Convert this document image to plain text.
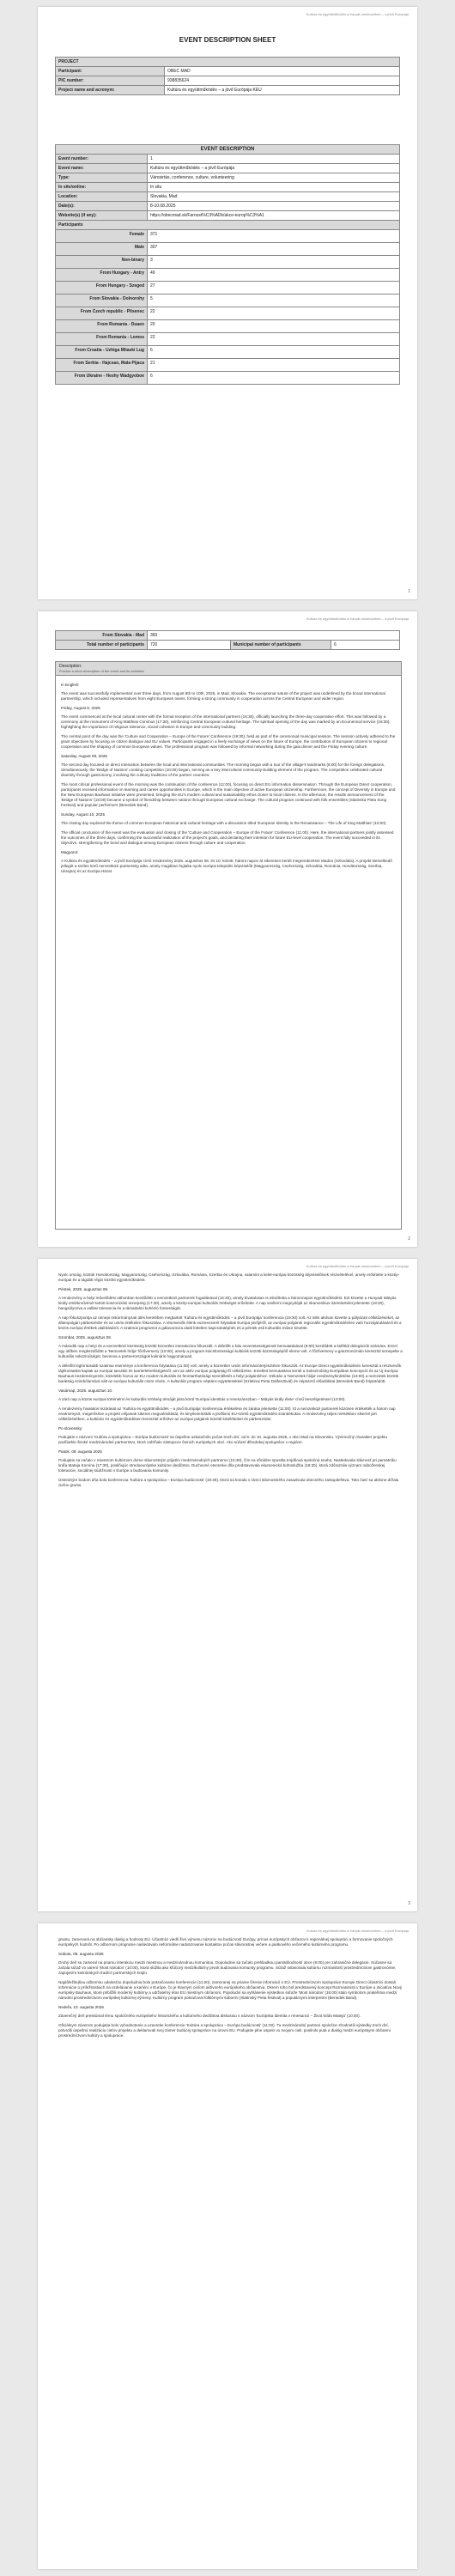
Kultúra és együttműködés a Kárpát-medencében – a jövő Európája
EVENT DESCRIPTION SHEET
PROJECT	
Participant:	OBEC MAD
PIC number:	938835624
Project name and acronym:	Kultúra és együttműködés – a jövő Európája KEU
EVENT DESCRIPTION	
Event number:	1
Event name:	Kultúra és együttműködés – a jövő Európája
Type:	Városirtás, conference, culture, volunteering
In site/online:	In situ
Location:	Slovakia, Mad
Date(s):	8-10.08.2025
Website(s) (if any):	https://obecmad.sk/Farnost%C3%ADk/akce-europ%C3%A1
Participants	
Female	371
Male	307
Non-binary	3
From Hungary - Antry	49
From Hungary - Szeged	27
From Slovakia - Dolnorohy	5
From Czech republic - Pilsenec	22
From Romania - Duaen	20
From Romania - Lomos	22
From Croatia - Uzhiga Mliaski Lug	6
From Serbia - Hajcsan, Mala Pijaca	21
From Ukraine - Heshy Wadgyoboe	6
1
Kultúra és együttműködés a Kárpát-medencében – a jövő Európája
From Slovakia - Mad	360		
Total number of participants	720	Municipal number of participants	6
Description:
Provide a short description of the event and its activities

In English:

The event was successfully implemented over three days, from August 8th to 10th, 2025, in Mad, Slovakia. The exceptional nature of the project was underlined by the broad international partnership, which included representatives from eight European towns, forming a strong community in cooperation across the Central European and wider region.

Friday, August 8, 2025

The event commenced at the local cultural center with the formal reception of the international partners (16:30), officially launching the three-day cooperative effort. This was followed by a ceremony at the monument of King Matthias Corvinus (17:30), reinforcing Central European cultural heritage. The spiritual opening of the day was marked by an Ecumenical service (18:30), highlighting the importance of religious tolerance, social cohesion in Europe and community building.

The central point of the day was the 'Culture and Cooperation – Europe of the Future' Conference (19:30), held as part of the ceremonial municipal session. The session actively adhered to the grant objectives by focusing on citizen dialogue and EU values. Participants engaged in a lively exchange of views on the future of Europe, the contribution of European citizens to regional cooperation and the shaping of common European values. The professional program was followed by informal networking during the gala dinner and the Friday evening culture.

Saturday, August 09, 2025

The second day focused on direct interaction between the local and international communities. The morning began with a tour of the village's landmarks (8:00) for the foreign delegations. Simultaneously, the 'Bridge of Nations' cooking competition (10:00) began, serving as a key intercultural community-building element of the program. The competition celebrated cultural diversity through gastronomy, involving the culinary traditions of the partner countries.

The most critical professional event of the morning was the continuation of the conference (11:00), focusing on direct EU information dissemination. Through the European Direct cooperation, participants received information on learning and career opportunities in Europe, which is the main objective of active European citizenship. Furthermore, the concept of Diversity in Europe and the New European Bauhaus initiative were presented, bringing the EU's modern cultural and sustainability ethos closer to local citizens. In the afternoon, the results announcement of the 'Bridge of Nations' (16:00) became a symbol of friendship between nations through European cultural exchange. The cultural program continued with folk ensembles (Slatinská Pieta Song Festival) and popular performers (Benedek Band).

Sunday, August 10, 2025

The closing day explored the theme of common European historical and cultural heritage with a discussion titled 'European Identity in the Renaissance – The Life of King Matthias' (10:00).

The official conclusion of the event was the evaluation and closing of the 'Culture and Cooperation – Europe of the Future' Conference (11:00). Here, the international partners jointly assessed the outcomes of the three days, confirming the successful realization of the project's goals, and declaring their intention for future EU-level cooperation. The event fully succeeded in its objective, strengthening the bond and dialogue among European citizens through culture and cooperation.

Magyarul:

A Kultúra és együttműködés – a jövő Európája című rendezvény 2025. augusztus 08. és 10. között, három napon át sikeresen került megrendezésre Madon (Szlovákia). A projekt kiemelkedő jellegét a széles körű nemzetközi partnerség adta, amely magában foglalta nyolc európai település képviselőit (Magyarország, Csehország, Szlovákia, Románia, Horvátország, Szerbia, Ukrajna) és az Európa Házat.

2
Kultúra és együttműködés a Kárpát-medencében – a jövő Európája

Nyolc ország, köztük Horvátország, Magyarország, Csehország, Szlovákia, Románia, Szerbia és Ukrajna, valamint a kelet-európai közösség képviselőinek részvételével, amely erősítette a közép-európai és a tágabb régió közötti együttműködést.

Péntek, 2025. augusztus 08.

A rendezvény a helyi művelődési otthonban kezdődött a nemzetközi partnerek fogadásával (16:30), amely hivatalosan is elindította a háromnapos együttműködést. Ezt követte a Hunyadi Mátyás király emlékművénél tartott koszorúzási ünnepség (17:30), amely a közép-európai kulturális örökséget erősítette. A nap szellemi megnyitóját az ökumenikus istentisztelet jelentette (18:30), hangsúlyozva a vallási tolerancia és a társadalmi kohézió fontosságát.

A nap fókuszpontja az ünnepi önkormányzati ülés keretében megtartott 'Kultúra és együttműködés – a jövő Európája' konferencia (19:30) volt. Az ülés aktívan követte a pályázati célkitűzéseket, az állampolgári párbeszédre és az uniós értékekre fókuszálva. A résztvevők élénk eszmecserét folytattak Európa jövőjéről, az európai polgárok regionális együttműködéshez való hozzájárulásáról és a közös európai értékek alakításáról. A szakmai programot a gálavacsora alatti kötetlen kapcsolatépítés és a péntek esti kulturális műsor követte.

Szombat, 2025. augusztus 09.

A második nap a helyi és a nemzetközi közösség közötti közvetlen interakcióra fókuszált. A délelőtt a falu nevezetességeinek bemutatásával (8:00) kezdődött a külföldi delegációk számára. Ezzel egy időben megkezdődött a 'Nemzetek hídja' főzőverseny (10:00), amely a program kulcsfontosságú kultúrák közötti közösségépítő eleme volt. A főzőverseny a gasztronómián keresztül ünnepelte a kulturális sokszínűséget, bevonva a partnerországok kulináris hagyományait.

A délelőtt legfontosabb szakmai eseménye a konferencia folytatása (11:00) volt, amely a közvetlen uniós információterjesztésre fókuszált. Az Europe Direct együttműködésén keresztül a résztvevők tájékoztatást kaptak az európai tanulási és karrierlehetőségekről, ami az aktív európai polgárság fő célkitűzése. Emellett bemutatásra került a Sokszínűség Európában koncepció és az Új Európai Bauhaus kezdeményezés, közelebb hozva az EU modern kulturális és fenntarthatósági szemléletét a helyi polgárokhoz. Délután a 'Nemzetek hídja' eredményhirdetése (16:00) a nemzetek közötti barátság szimbólumává vált az európai kulturális csere révén. A kulturális program néptánc-együttesekkel (Szlatinai Pieta Dalfesztivál) és népszerű előadókkal (Benedek Band) folytatódott.

Vasárnap, 2025. augusztus 10.

A záró nap a közös európai történelmi és kulturális örökség témáját járta körül 'Európai identitás a reneszánszban – Mátyás király élete' című beszélgetéssel (10:00).

A rendezvény hivatalos lezárását az 'Kultúra és együttműködés – a jövő Európája' konferencia értékelése és zárása jelentette (11:00). Itt a nemzetközi partnerek közösen értékelték a három nap eredményeit, megerősítve a projekt céljainak sikeres megvalósítását, és kinyilvánították a jövőbeni EU-szintű együttműködési szándékukat. A rendezvény teljes mértékben sikerrel járt célkitűzésében, a kultúrán és együttműködésen keresztül erősítve az európai polgárok közötti kötelékeket és párbeszédet.

Po slovensky:

Podujatie s názvom 'Kultúra a spolupráca – Európa budúcnosti' sa úspešne uskutočnilo počas troch dní, od 8. do 10. augusta 2025, v obci Mad na Slovensku. Výnimočný charakter projektu podčiarklo široké medzinárodné partnerstvo, ktoré zahŕňalo zástupcov ôsmich európskych obcí. Ako súčasť dlhodobej spolupráce v regióne.

Piatok, 08. augusta 2025

Podujatie sa začalo v miestnom kultúrnom dome slávnostným prijatím medzinárodných partnerov (16:30), čím sa oficiálne spustila trojdňová spoločná snaha. Nasledovala slávnosť pri pamätníku kráľa Mateja Korvína (17:30), posilňujúc stredoeurópske kultúrne dedičstvo. Duchovné otvorenie dňa predstavovala ekumenická bohoslužba (18:30), ktorá zdôraznila význam náboženskej tolerancie, sociálnej súdržnosti v Európe a budovania komunity.

Ústredným bodom dňa bola konferencia 'Kultúra a spolupráca – Európa budúcnosti' (19:30), ktorá sa konala v rámci slávnostného zasadnutia obecného zastupiteľstva. Táto časť sa aktívne držala cieľov grantu.

3
Kultúra és együttműködés a Kárpát-medencében – a jövő Európája

grantu, zameraná na občiansky dialóg a hodnoty EÚ. Účastníci viedli živú výmenu názorov na budúcnosť Európy, prínos európskych občanov k regionálnej spolupráci a formovanie spoločných európskych hodnôt. Po odbornom programe nasledovalo neformálne nadväzovanie kontaktov počas slávnostnej večere a piatkového večerného kultúrneho programu.

Sobota, 09. augusta 2025

Druhý deň sa zameral na priamu interakciu medzi miestnou a medzinárodnou komunitou. Dopoludnie sa začalo prehliadkou pamätihodností obce (8:00) pre zahraničné delegácie. Súčasne sa začala súťaž vo varení 'Most národov' (10:00), ktorá slúžila ako kľúčový medzikultúrny prvok budovania komunity programu. Súťaž oslavovala kultúrnu rozmanitosť prostredníctvom gastronómie, zapojením kulinárskych tradícií partnerských krajín.

Najdôležitejšou odbornou udalosťou dopoludnia bolo pokračovanie konferencie (11:00), zameranej na priame šírenie informácií o EÚ. Prostredníctvom spolupráce Europe Direct účastníci dostali informácie o príležitostiach na vzdelávanie a kariéru v Európe, čo je hlavným cieľom aktívneho európskeho občianstva. Okrem toho bol predstavený koncept Rozmanitosti v Európe a iniciatíva Nový európsky Bauhaus, ktoré priblížili moderný kultúrny a udržateľný étos EÚ miestnym občanom. Popoludní sa vyhlásenie výsledkov súťaže 'Most národov' (16:00) stalo symbolom priateľstva medzi národmi prostredníctvom európskej kultúrnej výmeny. Kultúrny program pokračoval folklórnymi súbormi (Slatinský Pieta festival) a populárnymi interpretmi (Benedek Band).

Nedeľa, 10. augusta 2025

Záverečný deň preskúmal tému spoločného európskeho historického a kultúrneho dedičstva diskusiou s názvom 'Európska identita v renesancii – Život kráľa Mateja' (10:00).

Oficiálnym záverom podujatia bolo vyhodnotenie a uzavretie konferencie 'Kultúra a spolupráca – Európa budúcnosti' (11:00). Tu medzinárodní partneri spoločne zhodnotili výsledky troch dní, potvrdili úspešnú realizáciu cieľov projektu a deklarovali svoj zámer budúcej spolupráce na úrovni EÚ. Podujatie plne uspelo vo svojom cieli, posilnilo putá a dialóg medzi európskymi občanmi prostredníctvom kultúry a spolupráce.
